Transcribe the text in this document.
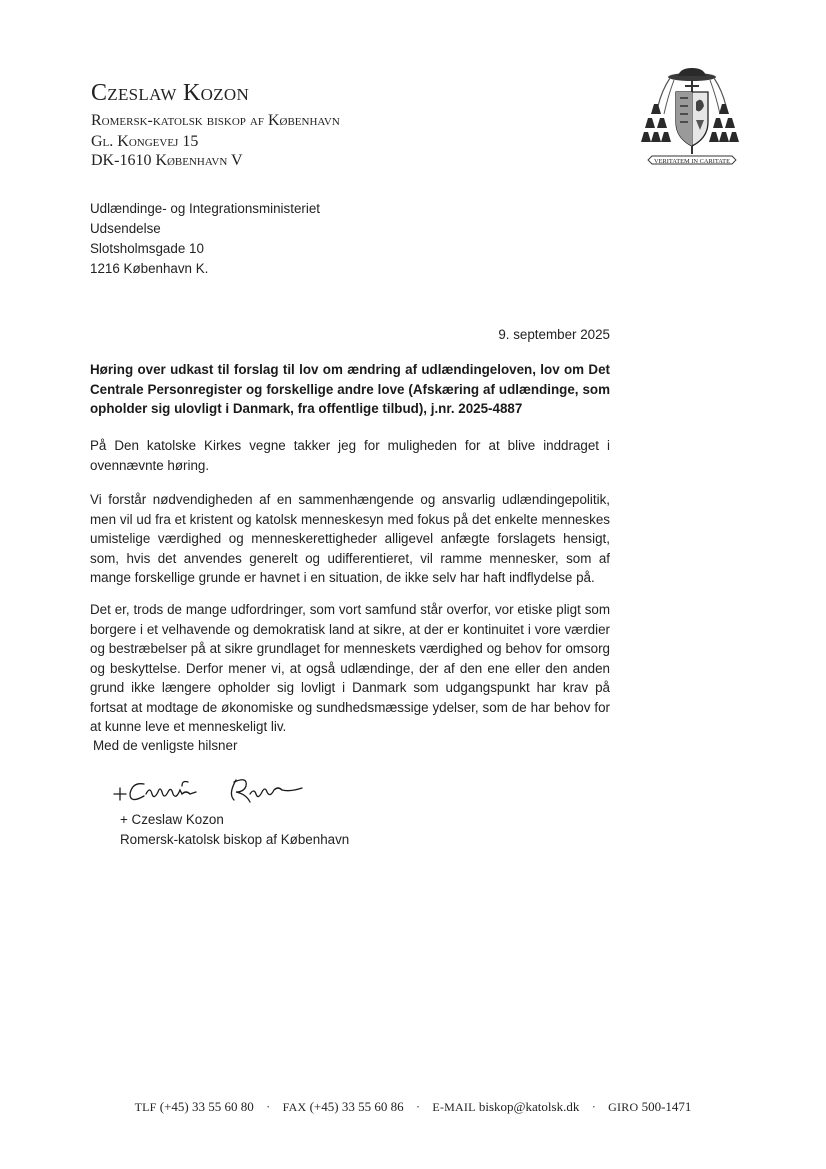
Czeslaw Kozon
Romersk-katolsk biskop af København
Gl. Kongevej 15
DK-1610 København V	VERITATEM IN CARITATE
Udlændinge- og Integrationsministeriet
Udsendelse
Slotsholmsgade 10
1216 København K.
9. september 2025
Høring over udkast til forslag til lov om ændring af udlændingeloven, lov om Det Centrale Personregister og forskellige andre love (Afskæring af udlændinge, som opholder sig ulovligt i Danmark, fra offentlige tilbud), j.nr. 2025-4887
På Den katolske Kirkes vegne takker jeg for muligheden for at blive inddraget i ovennævnte høring.
Vi forstår nødvendigheden af en sammenhængende og ansvarlig udlændingepolitik, men vil ud fra et kristent og katolsk menneskesyn med fokus på det enkelte menneskes umistelige værdighed og menneskerettigheder alligevel anfægte forslagets hensigt, som, hvis det anvendes generelt og udifferentieret, vil ramme mennesker, som af mange forskellige grunde er havnet i en situation, de ikke selv har haft indflydelse på.
Det er, trods de mange udfordringer, som vort samfund står overfor, vor etiske pligt som borgere i et velhavende og demokratisk land at sikre, at der er kontinuitet i vore værdier og bestræbelser på at sikre grundlaget for menneskets værdighed og behov for omsorg og beskyttelse. Derfor mener vi, at også udlændinge, der af den ene eller den anden grund ikke længere opholder sig lovligt i Danmark som udgangspunkt har krav på fortsat at modtage de økonomiske og sundhedsmæssige ydelser, som de har behov for at kunne leve et menneskeligt liv.
Med de venligste hilsner
+ Czeslaw Kozon
Romersk-katolsk biskop af København
TLF (+45) 33 55 60 80 · FAX (+45) 33 55 60 86 · E-MAIL biskop@katolsk.dk · GIRO 500-1471
